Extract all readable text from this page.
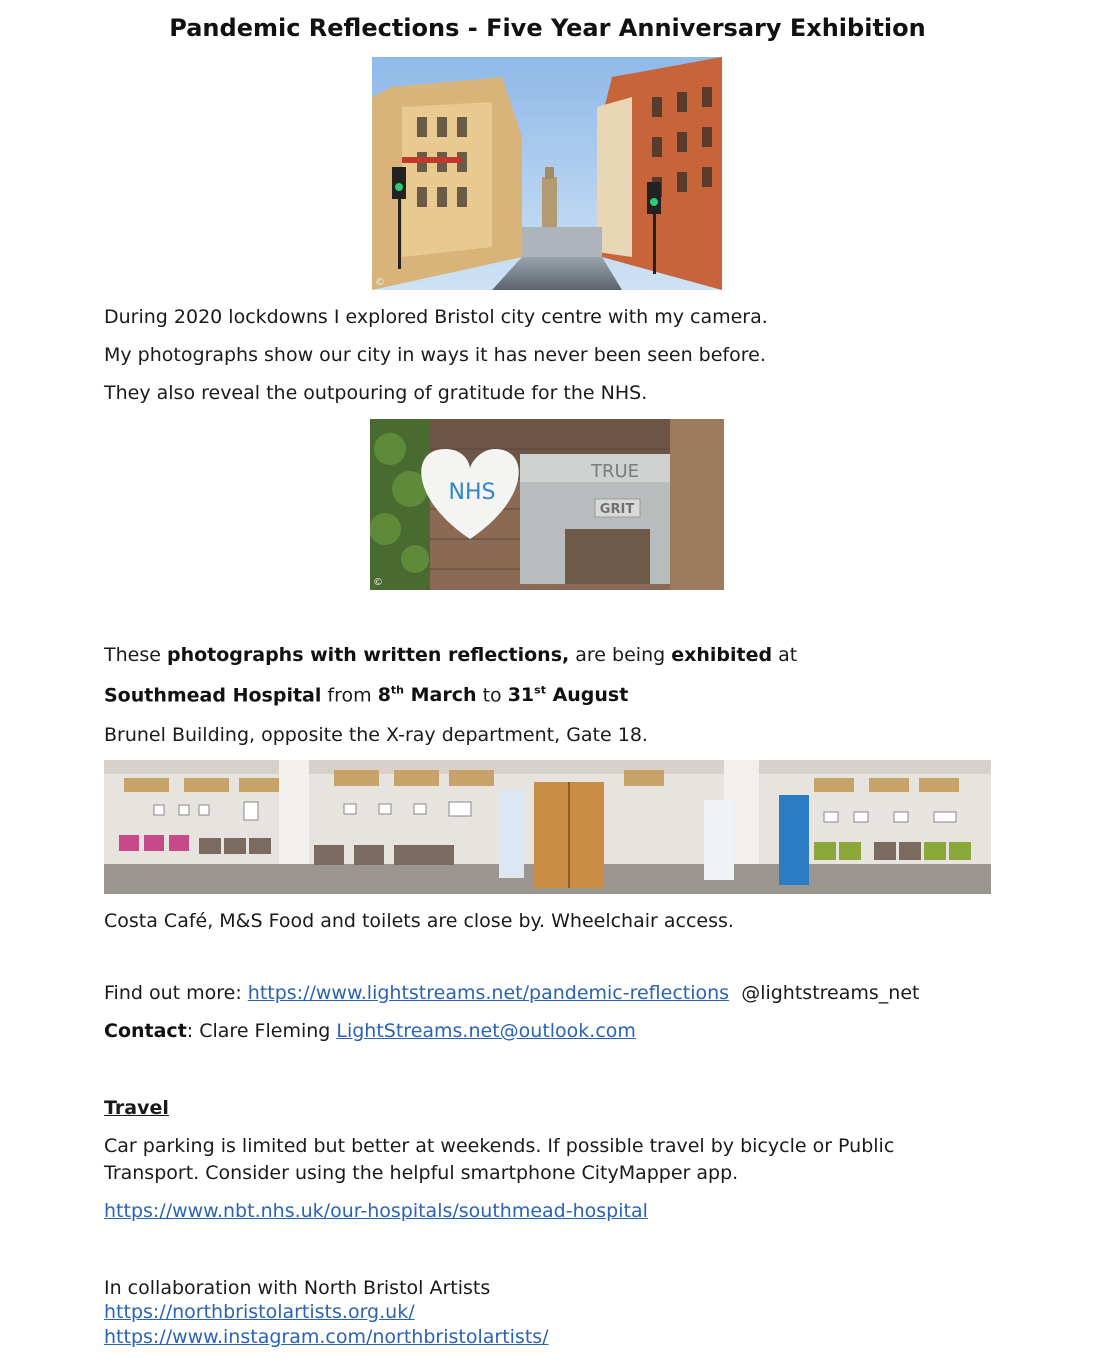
Pandemic Reflections - Five Year Anniversary Exhibition
©
During 2020 lockdowns I explored Bristol city centre with my camera.
My photographs show our city in ways it has never been seen before.
They also reveal the outpouring of gratitude for the NHS.
NHS
GRIT
TRUE
©
These photographs with written reflections, are being exhibited at
Southmead Hospital from 8th March to 31st August
Brunel Building, opposite the X-ray department, Gate 18.
Costa Café, M&S Food and toilets are close by. Wheelchair access.
Find out more: https://www.lightstreams.net/pandemic-reflections @lightstreams_net
Contact: Clare Fleming LightStreams.net@outlook.com
Travel
Car parking is limited but better at weekends. If possible travel by bicycle or Public
Transport. Consider using the helpful smartphone CityMapper app.
https://www.nbt.nhs.uk/our-hospitals/southmead-hospital
In collaboration with North Bristol Artists
https://northbristolartists.org.uk/
https://www.instagram.com/northbristolartists/
